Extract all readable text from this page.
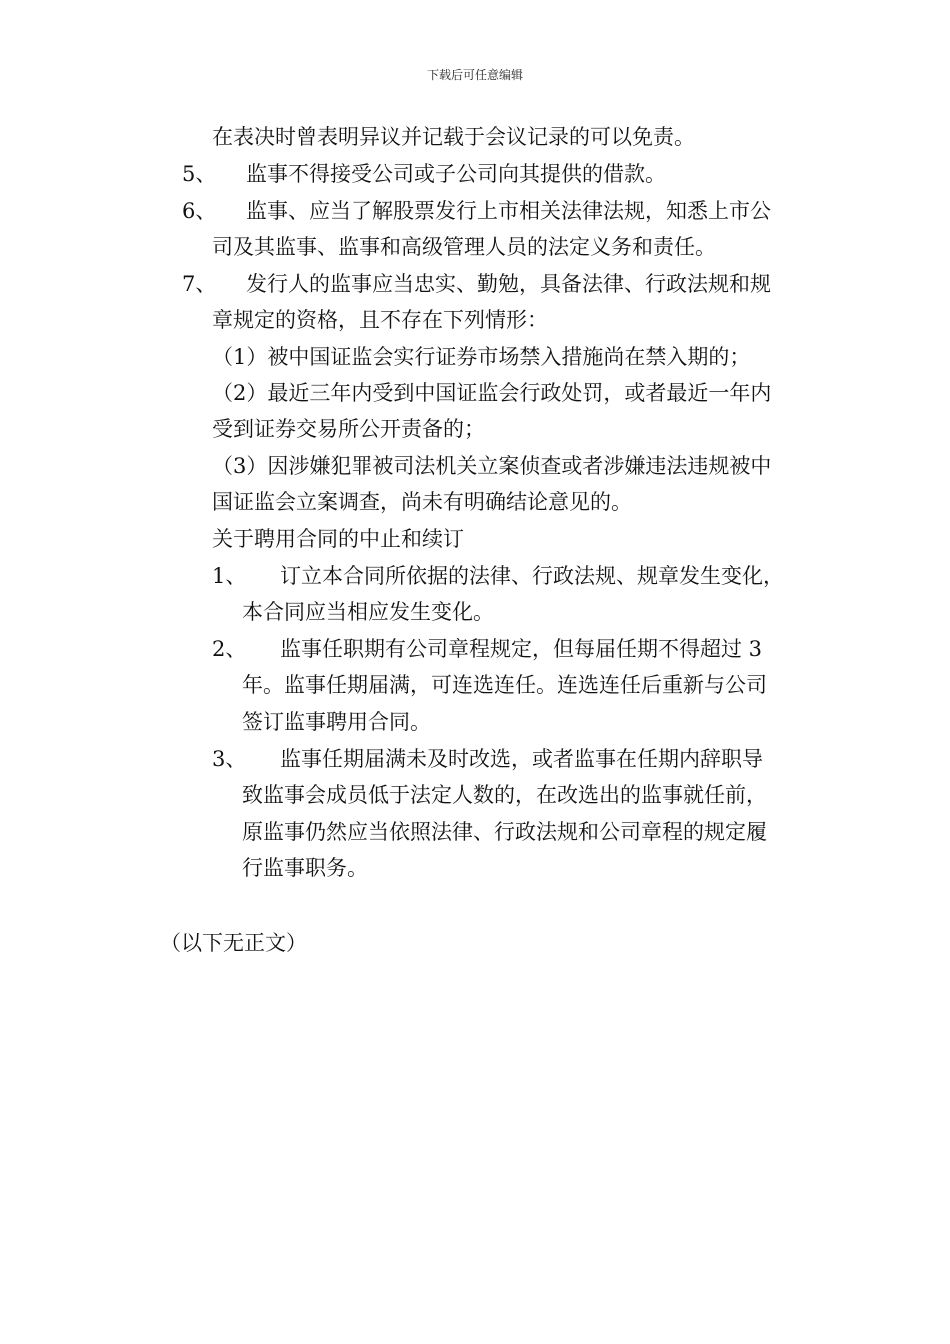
下载后可任意编辑
在表决时曾表明异议并记载于会议记录的可以免责。
5、 监事不得接受公司或子公司向其提供的借款。
6、 监事、应当了解股票发行上市相关法律法规，知悉上市公
司及其监事、监事和高级管理人员的法定义务和责任。
7、 发行人的监事应当忠实、勤勉，具备法律、行政法规和规
章规定的资格，且不存在下列情形：
（1）被中国证监会实行证券市场禁入措施尚在禁入期的；
（2）最近三年内受到中国证监会行政处罚，或者最近一年内
受到证券交易所公开责备的；
（3）因涉嫌犯罪被司法机关立案侦查或者涉嫌违法违规被中
国证监会立案调查，尚未有明确结论意见的。
关于聘用合同的中止和续订
1、 订立本合同所依据的法律、行政法规、规章发生变化，
本合同应当相应发生变化。
2、 监事任职期有公司章程规定，但每届任期不得超过 3
年。监事任期届满，可连选连任。连选连任后重新与公司
签订监事聘用合同。
3、 监事任期届满未及时改选，或者监事在任期内辞职导
致监事会成员低于法定人数的，在改选出的监事就任前，
原监事仍然应当依照法律、行政法规和公司章程的规定履
行监事职务。
（以下无正文）
